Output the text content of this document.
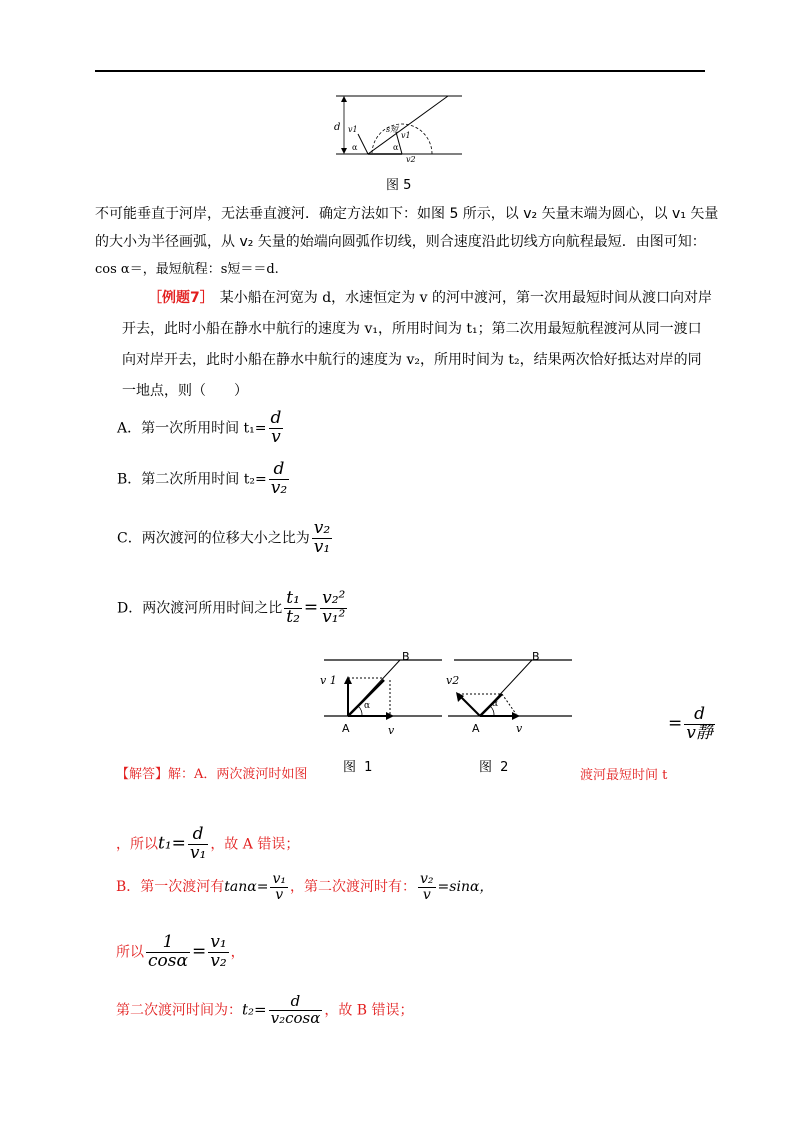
d v1
α
s短
v1
α
v2
图 5
不可能垂直于河岸，无法垂直渡河．确定方法如下：如图 5 所示，以 v₂ 矢量末端为圆心，以 v₁ 矢量
的大小为半径画弧，从 v₂ 矢量的始端向圆弧作切线，则合速度沿此切线方向航程最短．由图可知：
cos α＝，最短航程：s短＝＝d.
［例题7］ 某小船在河宽为 d，水速恒定为 v 的河中渡河，第一次用最短时间从渡口向对岸
开去，此时小船在静水中航行的速度为 v₁，所用时间为 t₁；第二次用最短航程渡河从同一渡口
向对岸开去，此时小船在静水中航行的速度为 v₂，所用时间为 t₂，结果两次恰好抵达对岸的同
一地点，则（　　）
A．第一次所用时间 $t_1= \frac{d}{v}$
B．第二次所用时间 $t_2= \frac{d}{\text{v₂}}$
C．两次渡河的位移大小之比为 $\frac{\text{v₂}}{\text{v₁}}$
D．两次渡河所用时间之比 $\frac{\text{t₁}}{\text{t₂}} = \frac{\text{v₂²}}{\text{v₁²}}$
B
A
v 1
v
α
图 1
B
A
v2
v
α
图 2
= $\frac{d}{\text{v静}}$
【解答】解：A．两次渡河时如图	渡河最短时间 t
，所以$t_1= \frac{d}{\text{v₁}}$ ，故 A 错误；
B．第一次渡河有$\tan\alpha= \frac{\text{v₁}}{v}$ ，第二次渡河时有： $\frac{\text{v₂}}{v} =\sin\alpha$，
所以 $\frac{1}{\cos\alpha} = \frac{\text{v₁}}{\text{v₂}}$ ，
第二次渡河时间为：$t_2= \frac{d}{\text{v₂cosα}}$ ，故 B 错误；
